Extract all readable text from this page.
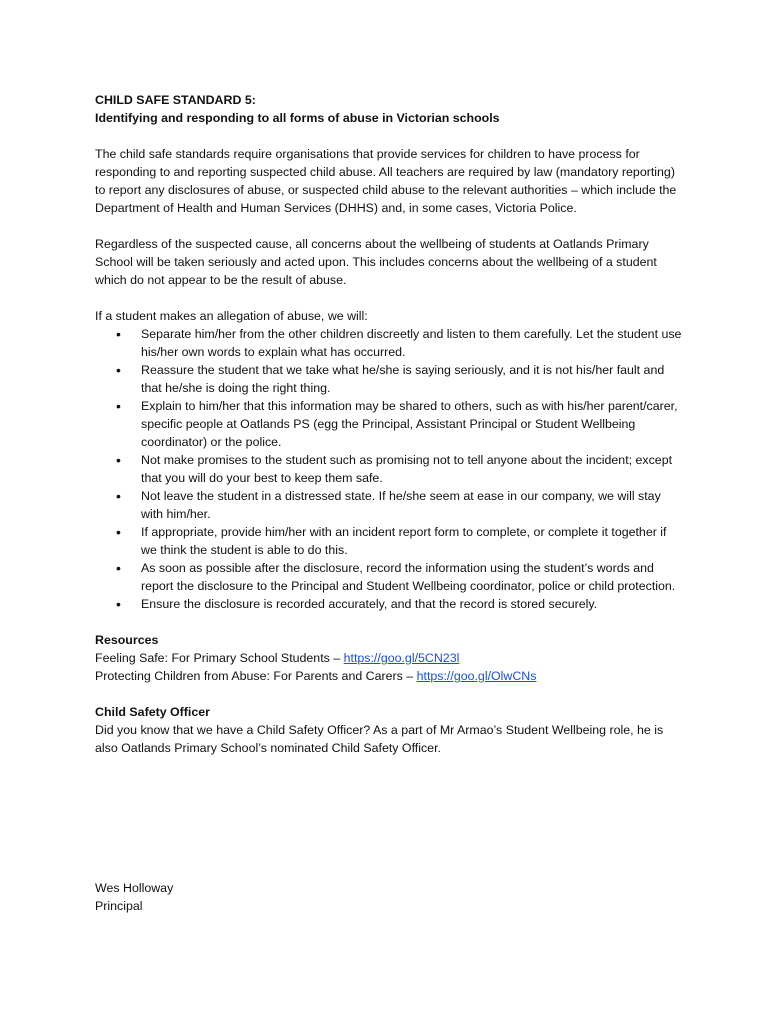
CHILD SAFE STANDARD 5:

Identifying and responding to all forms of abuse in Victorian schools

The child safe standards require organisations that provide services for children to have process for responding to and reporting suspected child abuse. All teachers are required by law (mandatory reporting) to report any disclosures of abuse, or suspected child abuse to the relevant authorities – which include the Department of Health and Human Services (DHHS) and, in some cases, Victoria Police.

Regardless of the suspected cause, all concerns about the wellbeing of students at Oatlands Primary School will be taken seriously and acted upon. This includes concerns about the wellbeing of a student which do not appear to be the result of abuse.

If a student makes an allegation of abuse, we will:

• Separate him/her from the other children discreetly and listen to them carefully. Let the student use his/her own words to explain what has occurred.
• Reassure the student that we take what he/she is saying seriously, and it is not his/her fault and that he/she is doing the right thing.
• Explain to him/her that this information may be shared to others, such as with his/her parent/carer, specific people at Oatlands PS (egg the Principal, Assistant Principal or Student Wellbeing coordinator) or the police.
• Not make promises to the student such as promising not to tell anyone about the incident; except that you will do your best to keep them safe.
• Not leave the student in a distressed state. If he/she seem at ease in our company, we will stay with him/her.
• If appropriate, provide him/her with an incident report form to complete, or complete it together if we think the student is able to do this.
• As soon as possible after the disclosure, record the information using the student’s words and report the disclosure to the Principal and Student Wellbeing coordinator, police or child protection.
• Ensure the disclosure is recorded accurately, and that the record is stored securely.

Resources

Feeling Safe: For Primary School Students – https://goo.gl/5CN23l

Protecting Children from Abuse: For Parents and Carers – https://goo.gl/OlwCNs

Child Safety Officer

Did you know that we have a Child Safety Officer? As a part of Mr Armao’s Student Wellbeing role, he is also Oatlands Primary School’s nominated Child Safety Officer.

Wes Holloway

Principal
